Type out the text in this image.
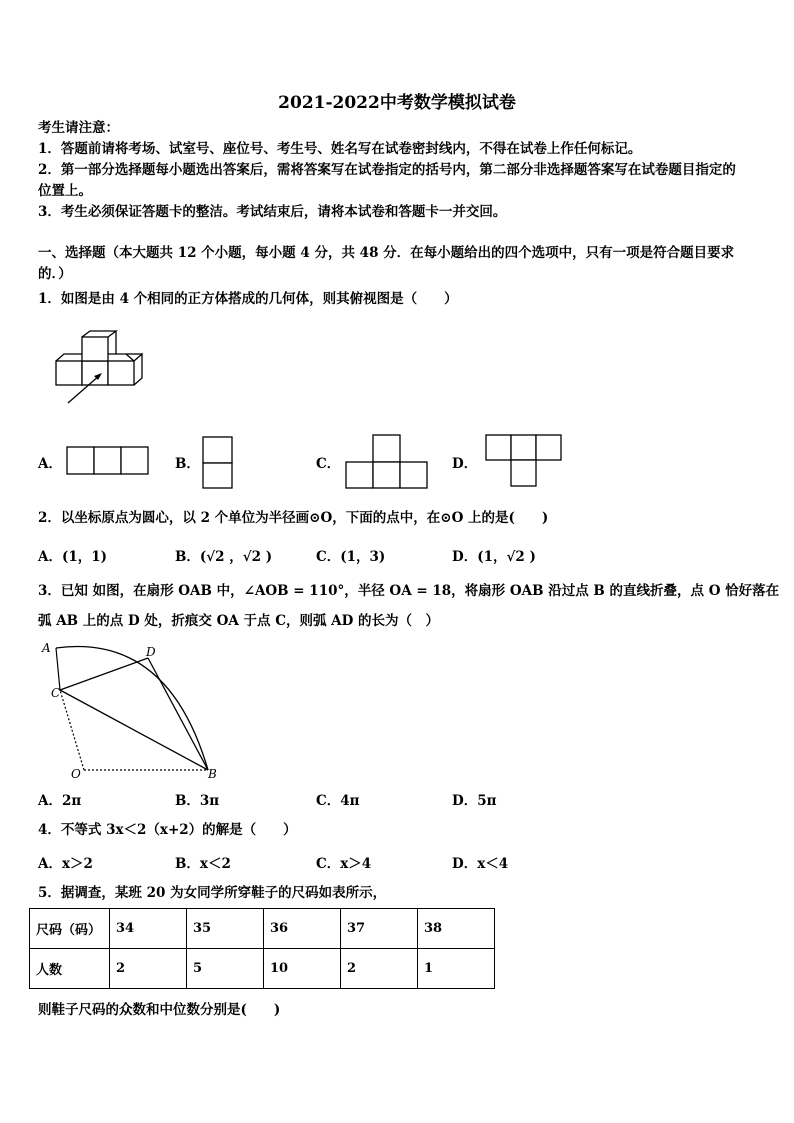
2021-2022中考数学模拟试卷
考生请注意：
1．答题前请将考场、试室号、座位号、考生号、姓名写在试卷密封线内，不得在试卷上作任何标记。
2．第一部分选择题每小题选出答案后，需将答案写在试卷指定的括号内，第二部分非选择题答案写在试卷题目指定的
位置上。
3．考生必须保证答题卡的整洁。考试结束后，请将本试卷和答题卡一并交回。
一、选择题（本大题共 12 个小题，每小题 4 分，共 48 分．在每小题给出的四个选项中，只有一项是符合题目要求
的．）
1．如图是由 4 个相同的正方体搭成的几何体，则其俯视图是（　　）
A．	B．	C．	D．
2．以坐标原点为圆心，以 2 个单位为半径画⊙O，下面的点中，在⊙O 上的是(　　)
A．(1，1)	B．(√2 ，√2 )	C．(1，3)	D．(1，√2 )
3．已知 如图，在扇形 OAB 中，∠AOB = 110°，半径 OA = 18，将扇形 OAB 沿过点 B 的直线折叠，点 O 恰好落在
弧 AB 上的点 D 处，折痕交 OA 于点 C，则弧 AD 的长为（　）
A	D
C
O	B
A．2π	B．3π	C．4π	D．5π
4．不等式 3x＜2（x+2）的解是（　　）
A．x＞2	B．x＜2	C．x＞4	D．x＜4
5．据调查，某班 20 为女同学所穿鞋子的尺码如表所示，
尺码（码）	34	35	36	37	38
人数	2	5	10	2	1
则鞋子尺码的众数和中位数分别是(　　)
